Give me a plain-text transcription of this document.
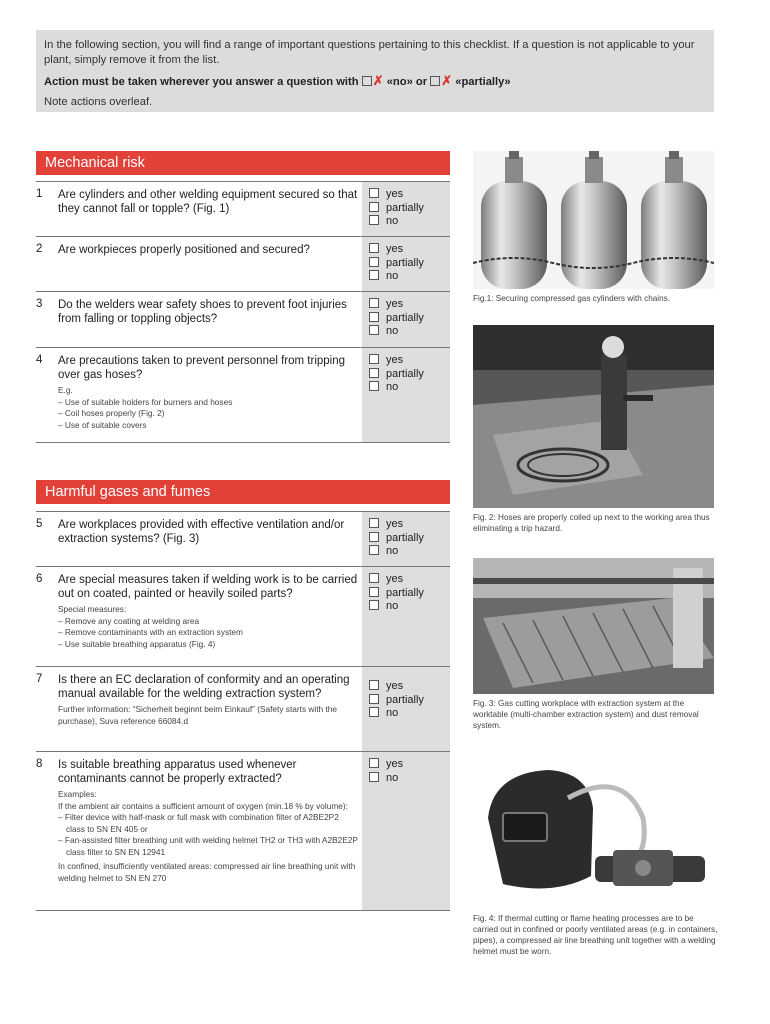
In the following section, you will find a range of important questions pertaining to this checklist. If a question is not applicable to your plant, simply remove it from the list.

Action must be taken wherever you answer a question with ✗ «no» or ✗ «partially»

Note actions overleaf.

Mechanical risk
1 Are cylinders and other welding equipment secured so that they cannot fall or topple? (Fig. 1)
yes
partially
no
2 Are workpieces properly positioned and secured?	yes
partially
no
3 Do the welders wear safety shoes to prevent foot injuries from falling or toppling objects?
yes
partially
no
4 Are precautions taken to prevent personnel from tripping over gas hoses?
E.g.
– Use of suitable holders for burners and hoses
– Coil hoses properly (Fig. 2)
– Use of suitable covers
yes
partially
no
Harmful gases and fumes
5 Are workplaces provided with effective ventilation and/or extraction systems? (Fig. 3)
yes
partially
no
6 Are special measures taken if welding work is to be carried out on coated, painted or heavily soiled parts?
Special measures:
– Remove any coating at welding area
– Remove contaminants with an extraction system
– Use suitable breathing apparatus (Fig. 4)
yes
partially
no
7 Is there an EC declaration of conformity and an operating manual available for the welding extraction system?
Further information: “Sicherheit beginnt beim Einkauf” (Safety starts with the purchase), Suva reference 66084.d
yes
partially
no
8 Is suitable breathing apparatus used whenever contaminants cannot be properly extracted?
Examples:
If the ambient air contains a sufficient amount of oxygen (min.18 % by volume):
– Filter device with half-mask or full mask with combination filter of A2BE2P2 class to SN EN 405 or
– Fan-assisted filter breathing unit with welding helmet TH2 or TH3 with A2B2E2P class filter to SN EN 12941
In confined, insufficiently ventilated areas: compressed air line breathing unit with welding helmet to SN EN 270
yes
no
Fig.1: Securing compressed gas cylinders with chains.
Fig. 2: Hoses are properly coiled up next to the working area thus eliminating a trip hazard.
Fig. 3: Gas cutting workplace with extraction system at the worktable (multi-chamber extraction system) and dust removal system.
Fig. 4: If thermal cutting or flame heating processes are to be carried out in confined or poorly ventilated areas (e.g. in containers, pipes), a compressed air line breathing unit together with a welding helmet must be worn.
